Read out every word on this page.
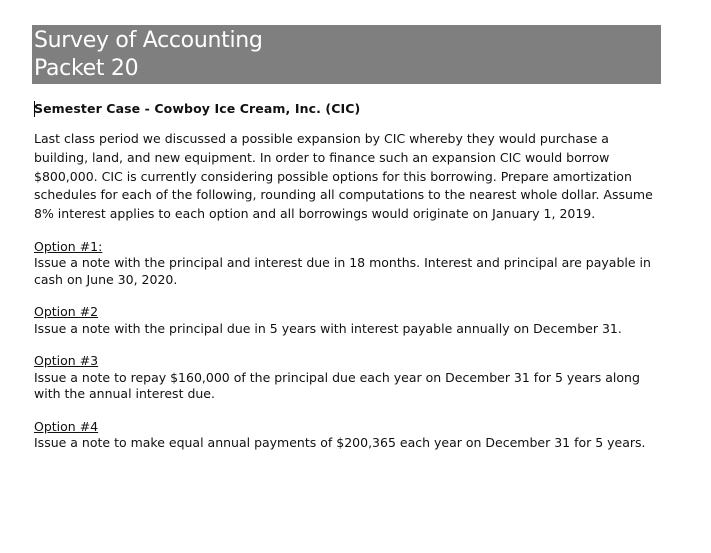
Survey of Accounting
Packet 20

Semester Case - Cowboy Ice Cream, Inc. (CIC)

Last class period we discussed a possible expansion by CIC whereby they would purchase a building, land, and new equipment. In order to finance such an expansion CIC would borrow $800,000. CIC is currently considering possible options for this borrowing. Prepare amortization schedules for each of the following, rounding all computations to the nearest whole dollar. Assume 8% interest applies to each option and all borrowings would originate on January 1, 2019.

Option #1:
Issue a note with the principal and interest due in 18 months. Interest and principal are payable in cash on June 30, 2020.
Option #2
Issue a note with the principal due in 5 years with interest payable annually on December 31.
Option #3
Issue a note to repay $160,000 of the principal due each year on December 31 for 5 years along with the annual interest due.
Option #4
Issue a note to make equal annual payments of $200,365 each year on December 31 for 5 years.
